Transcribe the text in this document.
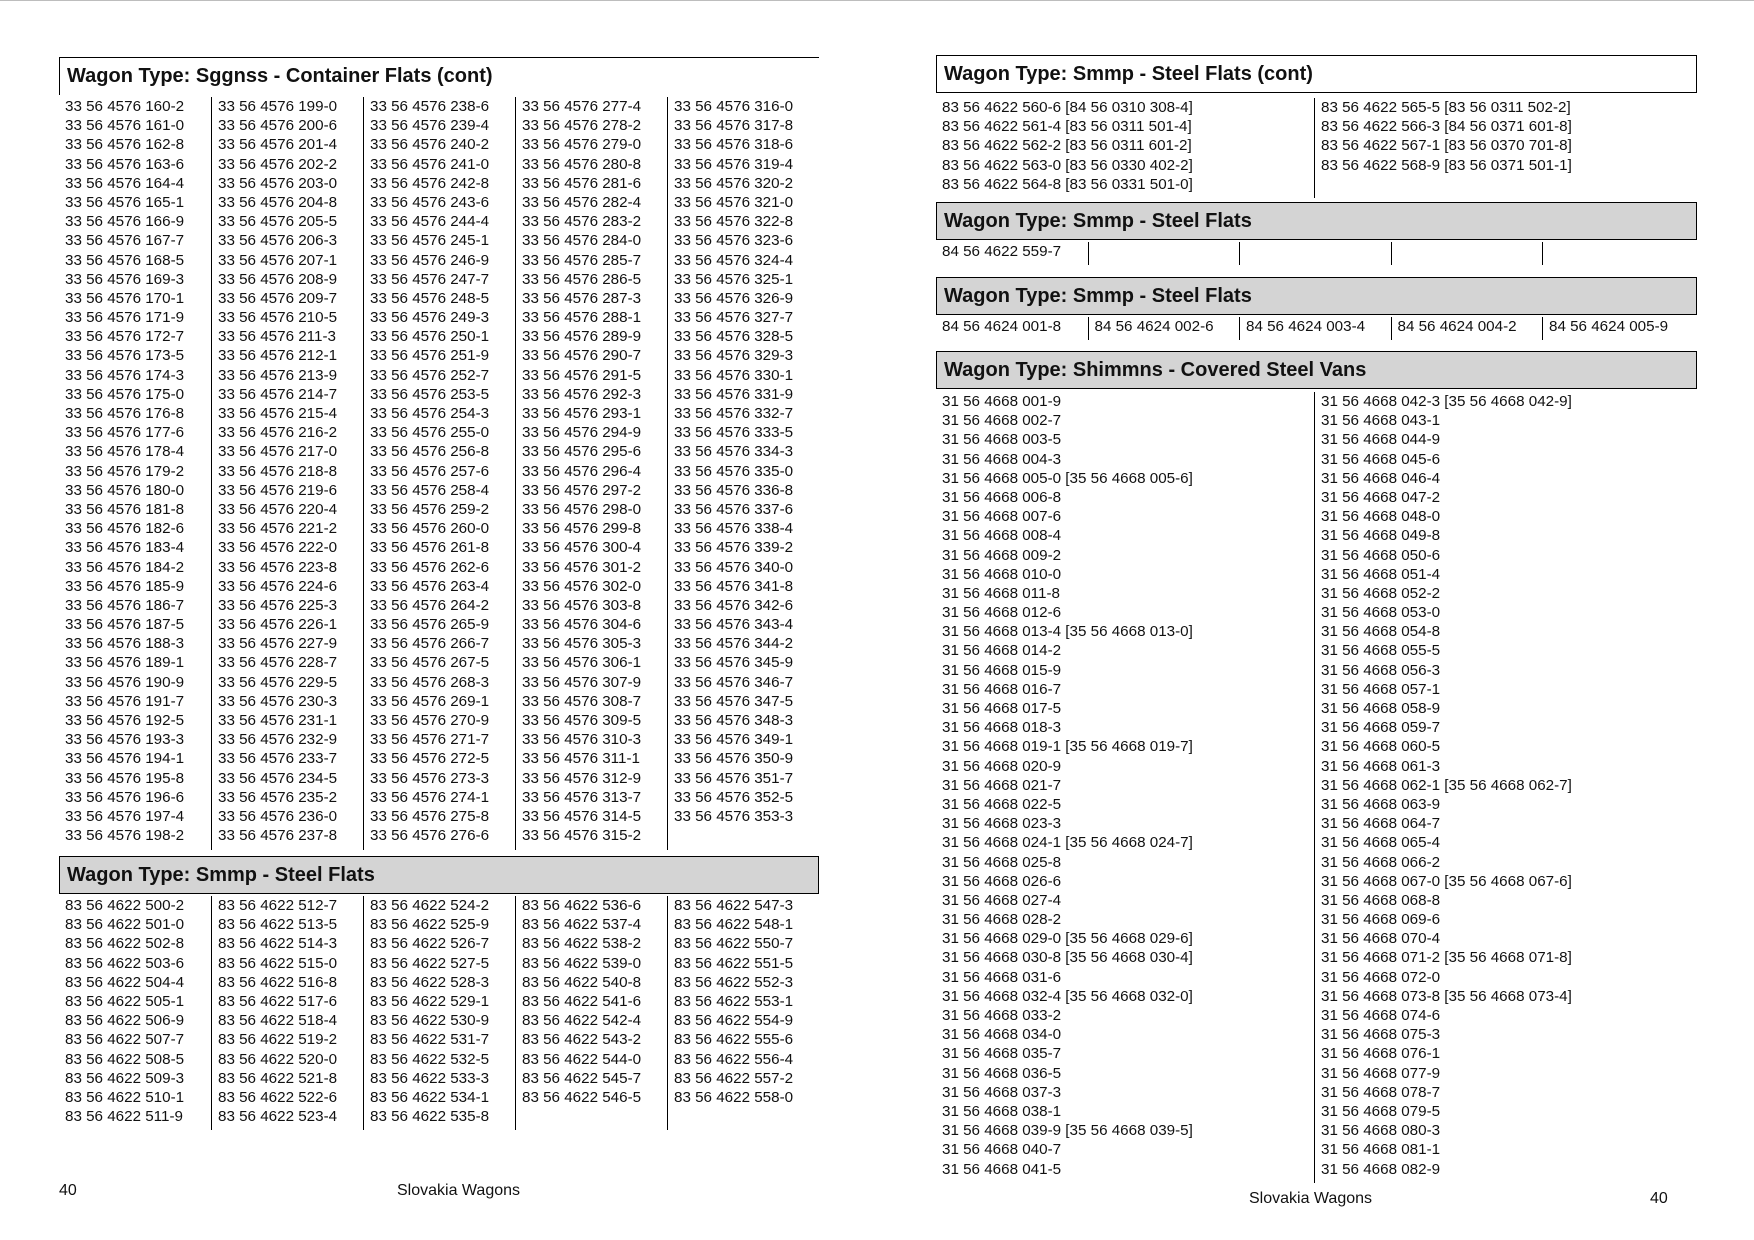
Wagon Type: Sggnss - Container Flats (cont)
33 56 4576 160-2
33 56 4576 161-0
33 56 4576 162-8
33 56 4576 163-6
33 56 4576 164-4
33 56 4576 165-1
33 56 4576 166-9
33 56 4576 167-7
33 56 4576 168-5
33 56 4576 169-3
33 56 4576 170-1
33 56 4576 171-9
33 56 4576 172-7
33 56 4576 173-5
33 56 4576 174-3
33 56 4576 175-0
33 56 4576 176-8
33 56 4576 177-6
33 56 4576 178-4
33 56 4576 179-2
33 56 4576 180-0
33 56 4576 181-8
33 56 4576 182-6
33 56 4576 183-4
33 56 4576 184-2
33 56 4576 185-9
33 56 4576 186-7
33 56 4576 187-5
33 56 4576 188-3
33 56 4576 189-1
33 56 4576 190-9
33 56 4576 191-7
33 56 4576 192-5
33 56 4576 193-3
33 56 4576 194-1
33 56 4576 195-8
33 56 4576 196-6
33 56 4576 197-4
33 56 4576 198-2
33 56 4576 199-0
33 56 4576 200-6
33 56 4576 201-4
33 56 4576 202-2
33 56 4576 203-0
33 56 4576 204-8
33 56 4576 205-5
33 56 4576 206-3
33 56 4576 207-1
33 56 4576 208-9
33 56 4576 209-7
33 56 4576 210-5
33 56 4576 211-3
33 56 4576 212-1
33 56 4576 213-9
33 56 4576 214-7
33 56 4576 215-4
33 56 4576 216-2
33 56 4576 217-0
33 56 4576 218-8
33 56 4576 219-6
33 56 4576 220-4
33 56 4576 221-2
33 56 4576 222-0
33 56 4576 223-8
33 56 4576 224-6
33 56 4576 225-3
33 56 4576 226-1
33 56 4576 227-9
33 56 4576 228-7
33 56 4576 229-5
33 56 4576 230-3
33 56 4576 231-1
33 56 4576 232-9
33 56 4576 233-7
33 56 4576 234-5
33 56 4576 235-2
33 56 4576 236-0
33 56 4576 237-8
33 56 4576 238-6
33 56 4576 239-4
33 56 4576 240-2
33 56 4576 241-0
33 56 4576 242-8
33 56 4576 243-6
33 56 4576 244-4
33 56 4576 245-1
33 56 4576 246-9
33 56 4576 247-7
33 56 4576 248-5
33 56 4576 249-3
33 56 4576 250-1
33 56 4576 251-9
33 56 4576 252-7
33 56 4576 253-5
33 56 4576 254-3
33 56 4576 255-0
33 56 4576 256-8
33 56 4576 257-6
33 56 4576 258-4
33 56 4576 259-2
33 56 4576 260-0
33 56 4576 261-8
33 56 4576 262-6
33 56 4576 263-4
33 56 4576 264-2
33 56 4576 265-9
33 56 4576 266-7
33 56 4576 267-5
33 56 4576 268-3
33 56 4576 269-1
33 56 4576 270-9
33 56 4576 271-7
33 56 4576 272-5
33 56 4576 273-3
33 56 4576 274-1
33 56 4576 275-8
33 56 4576 276-6
33 56 4576 277-4
33 56 4576 278-2
33 56 4576 279-0
33 56 4576 280-8
33 56 4576 281-6
33 56 4576 282-4
33 56 4576 283-2
33 56 4576 284-0
33 56 4576 285-7
33 56 4576 286-5
33 56 4576 287-3
33 56 4576 288-1
33 56 4576 289-9
33 56 4576 290-7
33 56 4576 291-5
33 56 4576 292-3
33 56 4576 293-1
33 56 4576 294-9
33 56 4576 295-6
33 56 4576 296-4
33 56 4576 297-2
33 56 4576 298-0
33 56 4576 299-8
33 56 4576 300-4
33 56 4576 301-2
33 56 4576 302-0
33 56 4576 303-8
33 56 4576 304-6
33 56 4576 305-3
33 56 4576 306-1
33 56 4576 307-9
33 56 4576 308-7
33 56 4576 309-5
33 56 4576 310-3
33 56 4576 311-1
33 56 4576 312-9
33 56 4576 313-7
33 56 4576 314-5
33 56 4576 315-2
33 56 4576 316-0
33 56 4576 317-8
33 56 4576 318-6
33 56 4576 319-4
33 56 4576 320-2
33 56 4576 321-0
33 56 4576 322-8
33 56 4576 323-6
33 56 4576 324-4
33 56 4576 325-1
33 56 4576 326-9
33 56 4576 327-7
33 56 4576 328-5
33 56 4576 329-3
33 56 4576 330-1
33 56 4576 331-9
33 56 4576 332-7
33 56 4576 333-5
33 56 4576 334-3
33 56 4576 335-0
33 56 4576 336-8
33 56 4576 337-6
33 56 4576 338-4
33 56 4576 339-2
33 56 4576 340-0
33 56 4576 341-8
33 56 4576 342-6
33 56 4576 343-4
33 56 4576 344-2
33 56 4576 345-9
33 56 4576 346-7
33 56 4576 347-5
33 56 4576 348-3
33 56 4576 349-1
33 56 4576 350-9
33 56 4576 351-7
33 56 4576 352-5
33 56 4576 353-3
Wagon Type: Smmp - Steel Flats
83 56 4622 500-2
83 56 4622 501-0
83 56 4622 502-8
83 56 4622 503-6
83 56 4622 504-4
83 56 4622 505-1
83 56 4622 506-9
83 56 4622 507-7
83 56 4622 508-5
83 56 4622 509-3
83 56 4622 510-1
83 56 4622 511-9
83 56 4622 512-7
83 56 4622 513-5
83 56 4622 514-3
83 56 4622 515-0
83 56 4622 516-8
83 56 4622 517-6
83 56 4622 518-4
83 56 4622 519-2
83 56 4622 520-0
83 56 4622 521-8
83 56 4622 522-6
83 56 4622 523-4
83 56 4622 524-2
83 56 4622 525-9
83 56 4622 526-7
83 56 4622 527-5
83 56 4622 528-3
83 56 4622 529-1
83 56 4622 530-9
83 56 4622 531-7
83 56 4622 532-5
83 56 4622 533-3
83 56 4622 534-1
83 56 4622 535-8
83 56 4622 536-6
83 56 4622 537-4
83 56 4622 538-2
83 56 4622 539-0
83 56 4622 540-8
83 56 4622 541-6
83 56 4622 542-4
83 56 4622 543-2
83 56 4622 544-0
83 56 4622 545-7
83 56 4622 546-5
83 56 4622 547-3
83 56 4622 548-1
83 56 4622 550-7
83 56 4622 551-5
83 56 4622 552-3
83 56 4622 553-1
83 56 4622 554-9
83 56 4622 555-6
83 56 4622 556-4
83 56 4622 557-2
83 56 4622 558-0
40	Slovakia Wagons
Wagon Type: Smmp - Steel Flats (cont)
83 56 4622 560-6 [84 56 0310 308-4]
83 56 4622 561-4 [83 56 0311 501-4]
83 56 4622 562-2 [83 56 0311 601-2]
83 56 4622 563-0 [83 56 0330 402-2]
83 56 4622 564-8 [83 56 0331 501-0]
83 56 4622 565-5 [83 56 0311 502-2]
83 56 4622 566-3 [84 56 0371 601-8]
83 56 4622 567-1 [83 56 0370 701-8]
83 56 4622 568-9 [83 56 0371 501-1]
Wagon Type: Smmp - Steel Flats
84 56 4622 559-7
Wagon Type: Smmp - Steel Flats
84 56 4624 001-8	84 56 4624 002-6	84 56 4624 003-4	84 56 4624 004-2	84 56 4624 005-9
Wagon Type: Shimmns - Covered Steel Vans
31 56 4668 001-9
31 56 4668 002-7
31 56 4668 003-5
31 56 4668 004-3
31 56 4668 005-0 [35 56 4668 005-6]
31 56 4668 006-8
31 56 4668 007-6
31 56 4668 008-4
31 56 4668 009-2
31 56 4668 010-0
31 56 4668 011-8
31 56 4668 012-6
31 56 4668 013-4 [35 56 4668 013-0]
31 56 4668 014-2
31 56 4668 015-9
31 56 4668 016-7
31 56 4668 017-5
31 56 4668 018-3
31 56 4668 019-1 [35 56 4668 019-7]
31 56 4668 020-9
31 56 4668 021-7
31 56 4668 022-5
31 56 4668 023-3
31 56 4668 024-1 [35 56 4668 024-7]
31 56 4668 025-8
31 56 4668 026-6
31 56 4668 027-4
31 56 4668 028-2
31 56 4668 029-0 [35 56 4668 029-6]
31 56 4668 030-8 [35 56 4668 030-4]
31 56 4668 031-6
31 56 4668 032-4 [35 56 4668 032-0]
31 56 4668 033-2
31 56 4668 034-0
31 56 4668 035-7
31 56 4668 036-5
31 56 4668 037-3
31 56 4668 038-1
31 56 4668 039-9 [35 56 4668 039-5]
31 56 4668 040-7
31 56 4668 041-5
31 56 4668 042-3 [35 56 4668 042-9]
31 56 4668 043-1
31 56 4668 044-9
31 56 4668 045-6
31 56 4668 046-4
31 56 4668 047-2
31 56 4668 048-0
31 56 4668 049-8
31 56 4668 050-6
31 56 4668 051-4
31 56 4668 052-2
31 56 4668 053-0
31 56 4668 054-8
31 56 4668 055-5
31 56 4668 056-3
31 56 4668 057-1
31 56 4668 058-9
31 56 4668 059-7
31 56 4668 060-5
31 56 4668 061-3
31 56 4668 062-1 [35 56 4668 062-7]
31 56 4668 063-9
31 56 4668 064-7
31 56 4668 065-4
31 56 4668 066-2
31 56 4668 067-0 [35 56 4668 067-6]
31 56 4668 068-8
31 56 4668 069-6
31 56 4668 070-4
31 56 4668 071-2 [35 56 4668 071-8]
31 56 4668 072-0
31 56 4668 073-8 [35 56 4668 073-4]
31 56 4668 074-6
31 56 4668 075-3
31 56 4668 076-1
31 56 4668 077-9
31 56 4668 078-7
31 56 4668 079-5
31 56 4668 080-3
31 56 4668 081-1
31 56 4668 082-9
Slovakia Wagons	40
